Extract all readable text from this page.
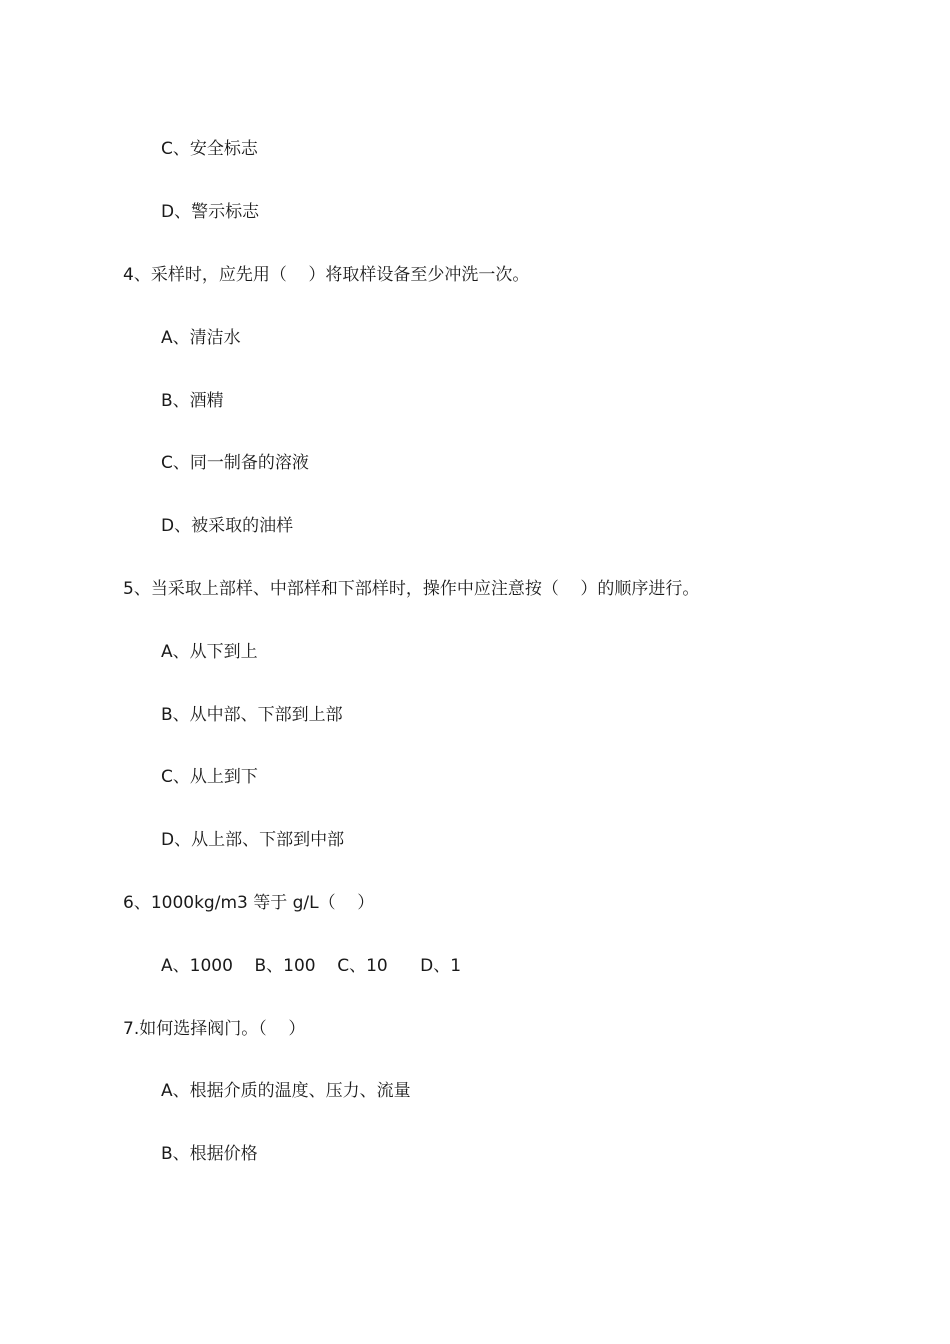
C、安全标志
D、警示标志
4、采样时，应先用（    ）将取样设备至少冲洗一次。
A、清洁水
B、酒精
C、同一制备的溶液
D、被采取的油样
5、当采取上部样、中部样和下部样时，操作中应注意按（    ）的顺序进行。
A、从下到上
B、从中部、下部到上部
C、从上到下
D、从上部、下部到中部
6、1000kg/m3 等于 g/L（    ）
A、1000    B、100    C、10      D、1
7.如何选择阀门。（    ）
A、根据介质的温度、压力、流量
B、根据价格
